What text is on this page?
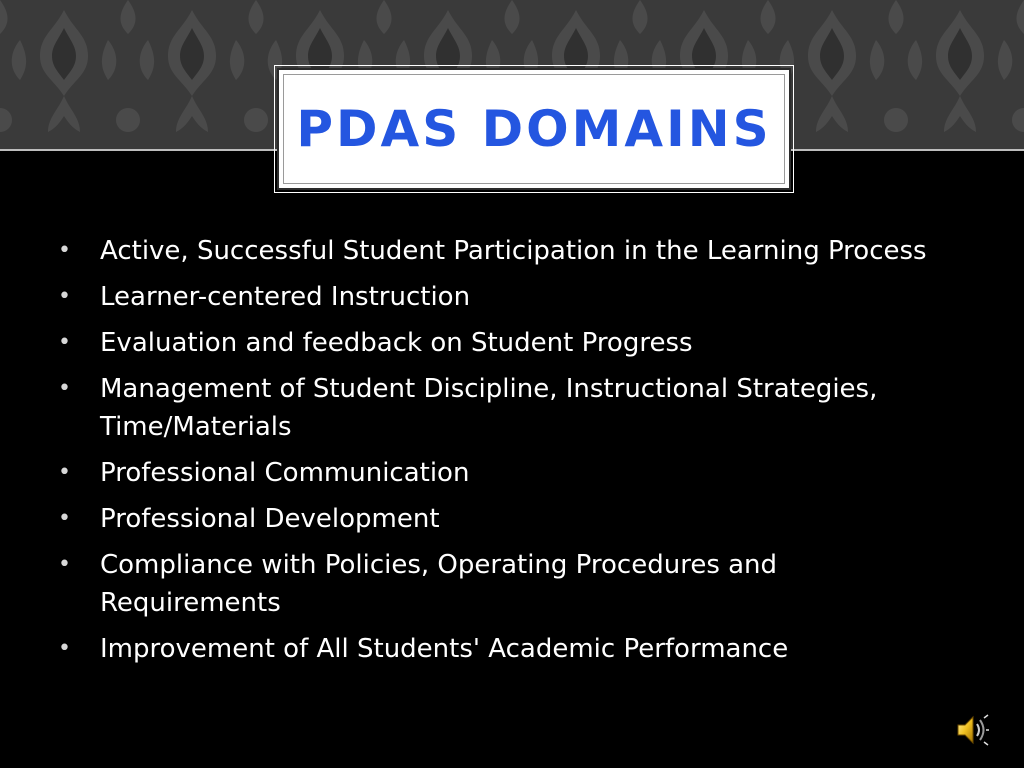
PDAS DOMAINS
• Active, Successful Student Participation in the Learning Process
• Learner-centered Instruction
• Evaluation and feedback on Student Progress
• Management of Student Discipline, Instructional Strategies, Time/Materials
• Professional Communication
• Professional Development
• Compliance with Policies, Operating Procedures and Requirements
• Improvement of All Students' Academic Performance
